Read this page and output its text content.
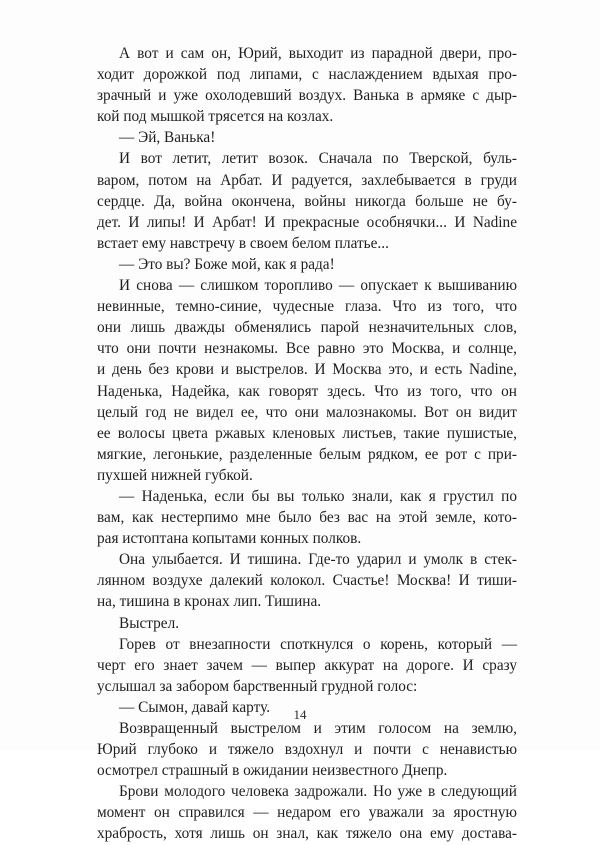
А вот и сам он, Юрий, выходит из парадной двери, про-
ходит дорожкой под липами, с наслаждением вдыхая про-
зрачный и уже охолодевший воздух. Ванька в армяке с дыр-
кой под мышкой трясется на козлах.

— Эй, Ванька!

И вот летит, летит возок. Сначала по Тверской, буль-
варом, потом на Арбат. И радуется, захлебывается в груди
сердце. Да, война окончена, войны никогда больше не бу-
дет. И липы! И Арбат! И прекрасные особнячки... И Nadine
встает ему навстречу в своем белом платье...

— Это вы? Боже мой, как я рада!

И снова — слишком торопливо — опускает к вышиванию
невинные, темно-синие, чудесные глаза. Что из того, что
они лишь дважды обменялись парой незначительных слов,
что они почти незнакомы. Все равно это Москва, и солнце,
и день без крови и выстрелов. И Москва это, и есть Nadine,
Наденька, Надейка, как говорят здесь. Что из того, что он
целый год не видел ее, что они малознакомы. Вот он видит
ее волосы цвета ржавых кленовых листьев, такие пушистые,
мягкие, легонькие, разделенные белым рядком, ее рот с при-
пухшей нижней губкой.

— Наденька, если бы вы только знали, как я грустил по
вам, как нестерпимо мне было без вас на этой земле, кото-
рая истоптана копытами конных полков.

Она улыбается. И тишина. Где-то ударил и умолк в стек-
лянном воздухе далекий колокол. Счастье! Москва! И тиши-
на, тишина в кронах лип. Тишина.

Выстрел.

Горев от внезапности споткнулся о корень, который —
черт его знает зачем — выпер аккурат на дороге. И сразу
услышал за забором барственный грудной голос:

— Сымон, давай карту.

Возвращенный выстрелом и этим голосом на землю,
Юрий глубоко и тяжело вздохнул и почти с ненавистью
осмотрел страшный в ожидании неизвестного Днепр.

Брови молодого человека задрожали. Но уже в следующий
момент он справился — недаром его уважали за яростную
храбрость, хотя лишь он знал, как тяжело она ему достава-

14
